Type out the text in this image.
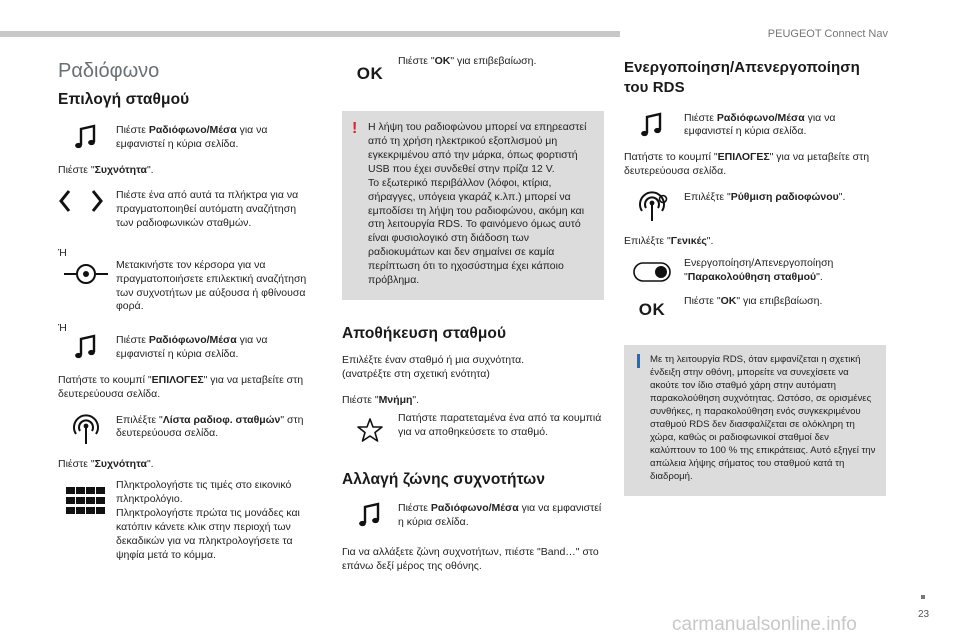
PEUGEOT Connect Nav
Ραδιόφωνο
Επιλογή σταθμού

Πιέστε Ραδιόφωνο/Μέσα για να εμφανιστεί η κύρια σελίδα.

Πιέστε "Συχνότητα".

Πιέστε ένα από αυτά τα πλήκτρα για να πραγματοποιηθεί αυτόματη αναζήτηση των ραδιοφωνικών σταθμών.

Ή

Μετακινήστε τον κέρσορα για να πραγματοποιήσετε επιλεκτική αναζήτηση των συχνοτήτων με αύξουσα ή φθίνουσα φορά.

Ή

Πιέστε Ραδιόφωνο/Μέσα για να εμφανιστεί η κύρια σελίδα.

Πατήστε το κουμπί "ΕΠΙΛΟΓΕΣ" για να μεταβείτε στη δευτερεύουσα σελίδα.

Επιλέξτε "Λίστα ραδιοφ. σταθμών" στη δευτερεύουσα σελίδα.

Πιέστε "Συχνότητα".

Πληκτρολογήστε τις τιμές στο εικονικό πληκτρολόγιο.

Πληκτρολογήστε πρώτα τις μονάδες και κατόπιν κάνετε κλικ στην περιοχή των δεκαδικών για να πληκτρολογήσετε τα ψηφία μετά το κόμμα.

OK

Πιέστε "OK" για επιβεβαίωση.

!	Η λήψη του ραδιοφώνου μπορεί να επηρεαστεί από τη χρήση ηλεκτρικού εξοπλισμού μη εγκεκριμένου από την μάρκα, όπως φορτιστή USB που έχει συνδεθεί στην πρίζα 12 V.

Το εξωτερικό περιβάλλον (λόφοι, κτίρια, σήραγγες, υπόγεια γκαράζ κ.λπ.) μπορεί να εμποδίσει τη λήψη του ραδιοφώνου, ακόμη και στη λειτουργία RDS. Το φαινόμενο όμως αυτό είναι φυσιολογικό στη διάδοση των ραδιοκυμάτων και δεν σημαίνει σε καμία περίπτωση ότι το ηχοσύστημα έχει κάποιο πρόβλημα.

Αποθήκευση σταθμού

Επιλέξτε έναν σταθμό ή μια συχνότητα.
(ανατρέξτε στη σχετική ενότητα)

Πιέστε "Μνήμη".

Πατήστε παρατεταμένα ένα από τα κουμπιά για να αποθηκεύσετε το σταθμό.

Αλλαγή ζώνης συχνοτήτων

Πιέστε Ραδιόφωνο/Μέσα για να εμφανιστεί η κύρια σελίδα.

Για να αλλάξετε ζώνη συχνοτήτων, πιέστε "Band…" στο επάνω δεξί μέρος της οθόνης.

Ενεργοποίηση/Απενεργοποίηση του RDS

Πιέστε Ραδιόφωνο/Μέσα για να εμφανιστεί η κύρια σελίδα.

Πατήστε το κουμπί "ΕΠΙΛΟΓΕΣ" για να μεταβείτε στη δευτερεύουσα σελίδα.

Επιλέξτε "Ρύθμιση ραδιοφώνου".

Επιλέξτε "Γενικές".

Ενεργοποίηση/Απενεργοποίηση "Παρακολούθηση σταθμού".

OK Πιέστε "OK" για επιβεβαίωση.

Με τη λειτουργία RDS, όταν εμφανίζεται η σχετική ένδειξη στην οθόνη, μπορείτε να συνεχίσετε να ακούτε τον ίδιο σταθμό χάρη στην αυτόματη παρακολούθηση συχνότητας. Ωστόσο, σε ορισμένες συνθήκες, η παρακολούθηση ενός συγκεκριμένου σταθμού RDS δεν διασφαλίζεται σε ολόκληρη τη χώρα, καθώς οι ραδιοφωνικοί σταθμοί δεν καλύπτουν το 100 % της επικράτειας. Αυτό εξηγεί την απώλεια λήψης σήματος του σταθμού κατά τη διαδρομή.

23
carmanualsonline.info
